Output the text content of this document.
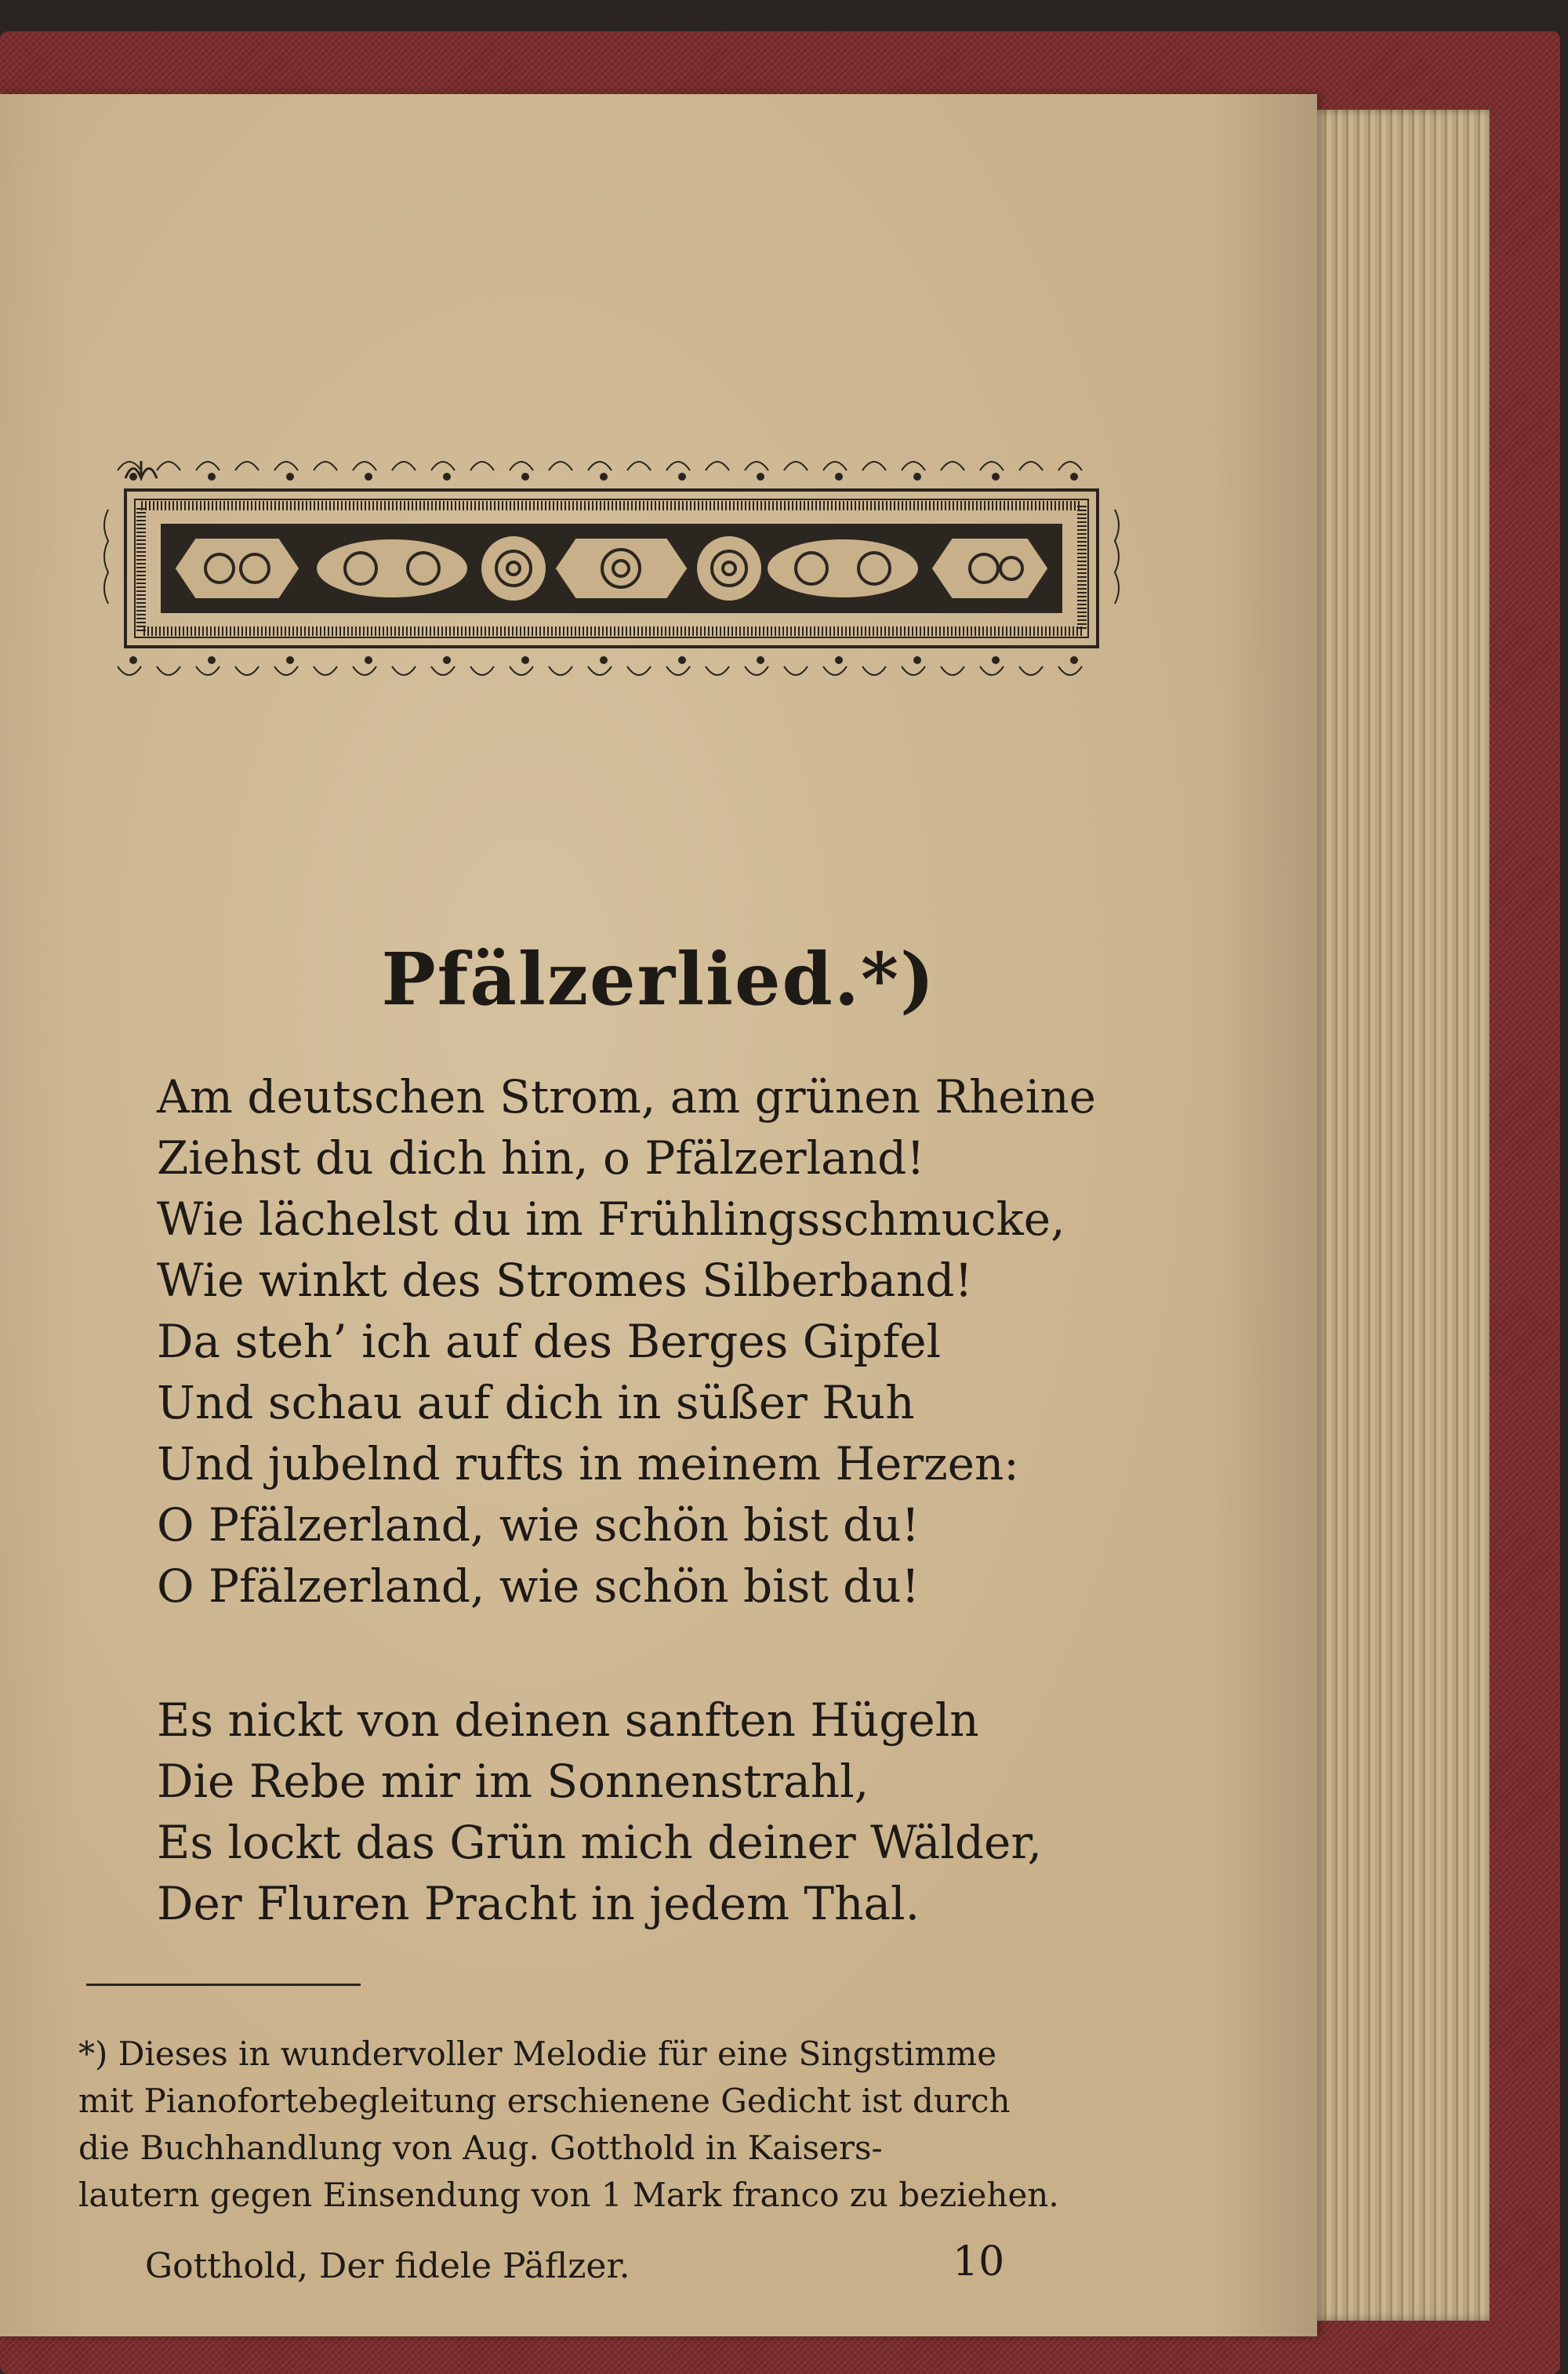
Pfälzerlied.*)
Am deutschen Strom, am grünen Rheine
Ziehst du dich hin, o Pfälzerland!
Wie lächelst du im Frühlingsschmucke,
Wie winkt des Stromes Silberband!
Da steh’ ich auf des Berges Gipfel
Und schau auf dich in süßer Ruh
Und jubelnd rufts in meinem Herzen:
O Pfälzerland, wie schön bist du!
O Pfälzerland, wie schön bist du!
Es nickt von deinen sanften Hügeln
Die Rebe mir im Sonnenstrahl,
Es lockt das Grün mich deiner Wälder,
Der Fluren Pracht in jedem Thal.
*) Dieses in wundervoller Melodie für eine Singstimme
mit Pianofortebegleitung erschienene Gedicht ist durch
die Buchhandlung von Aug. Gotthold in Kaisers-
lautern gegen Einsendung von 1 Mark franco zu beziehen.
Gotthold, Der fidele Päflzer.	10
